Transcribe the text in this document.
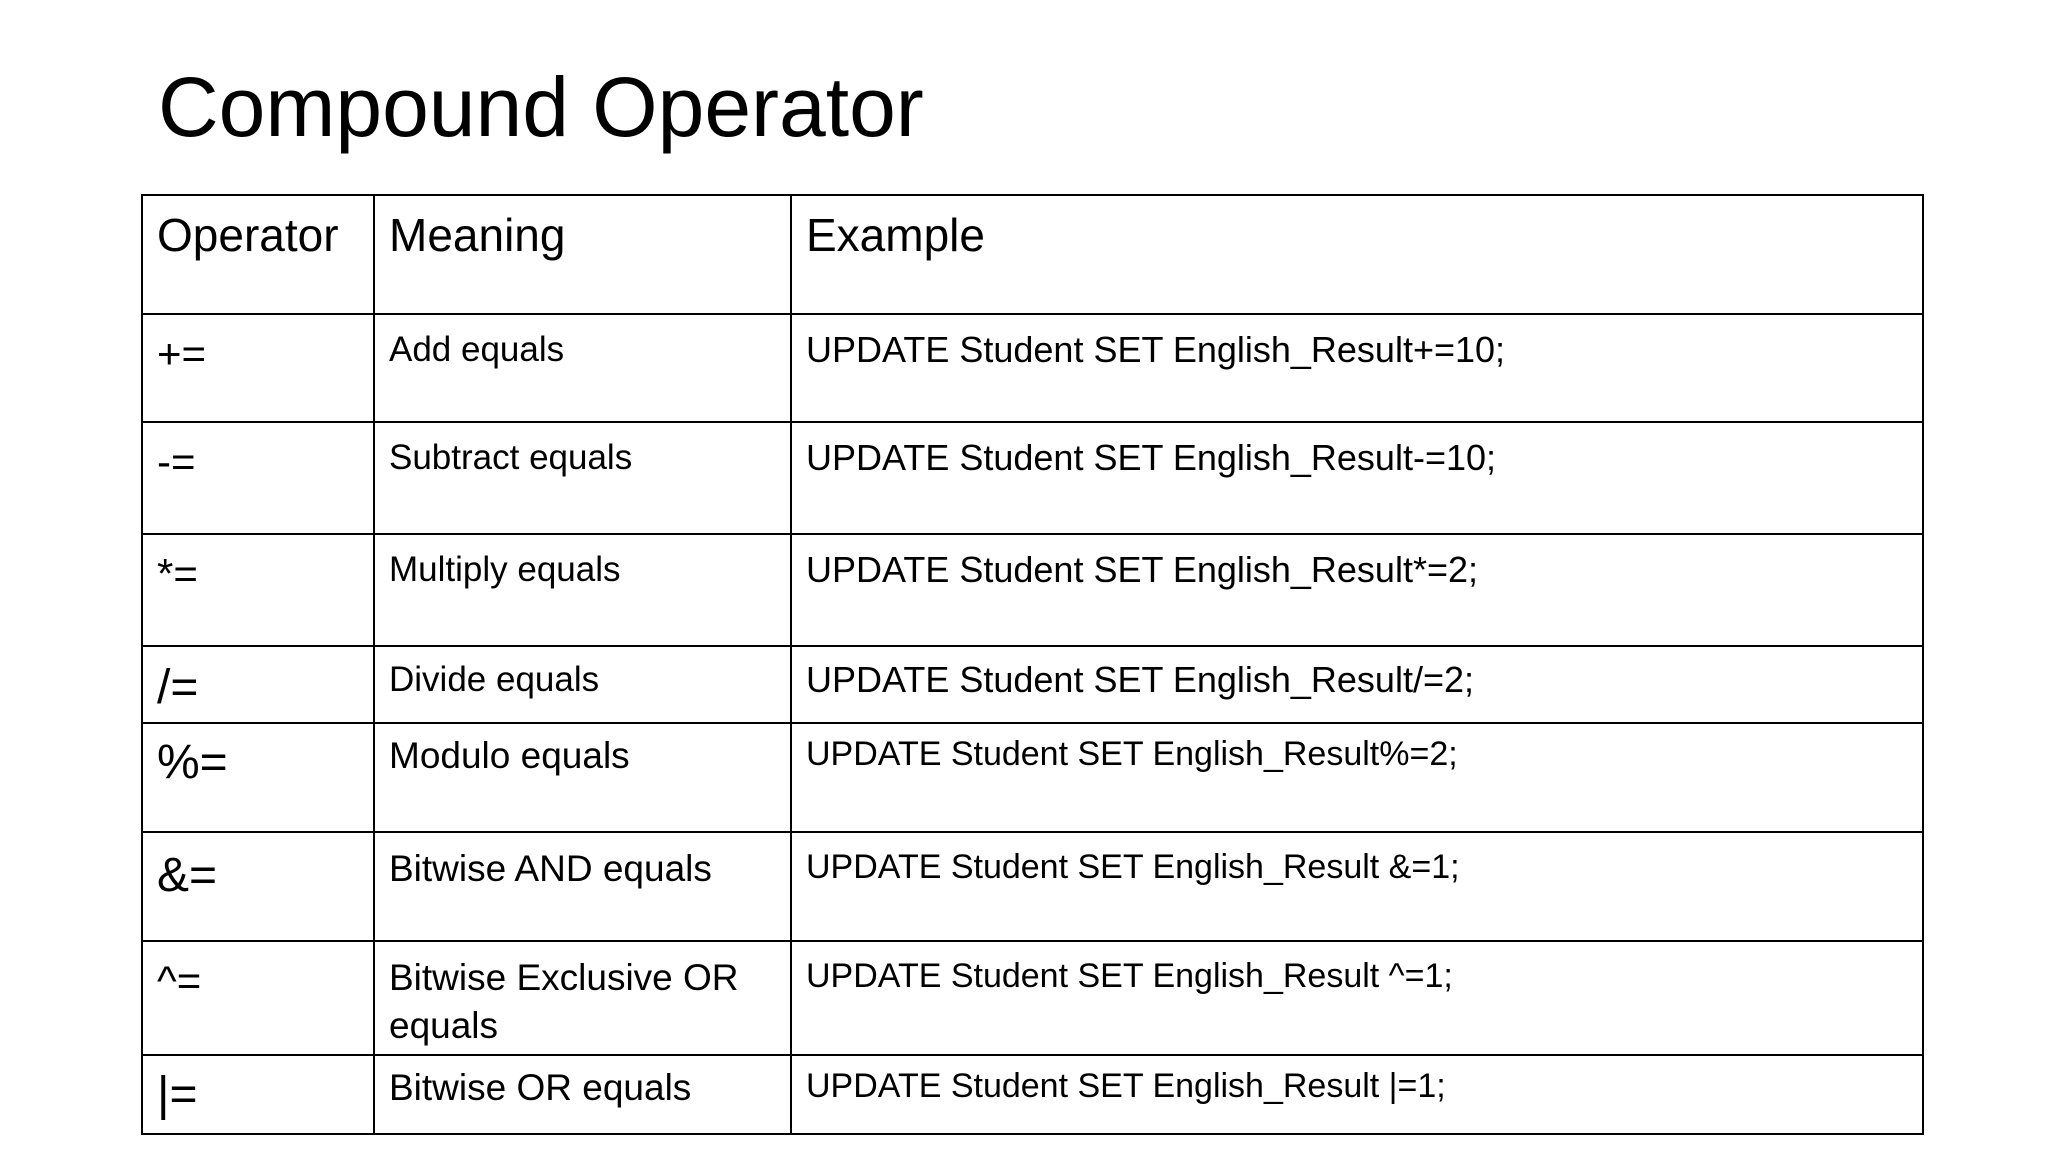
Compound Operator
Operator	Meaning	Example
+=	Add equals	UPDATE Student SET English_Result+=10;
-=	Subtract equals	UPDATE Student SET English_Result-=10;
*=	Multiply equals	UPDATE Student SET English_Result*=2;
/=	Divide equals	UPDATE Student SET English_Result/=2;
%=	Modulo equals	UPDATE Student SET English_Result%=2;
&=	Bitwise AND equals	UPDATE Student SET English_Result &=1;
^=	Bitwise Exclusive OR equals	UPDATE Student SET English_Result ^=1;
|=	Bitwise OR equals	UPDATE Student SET English_Result |=1;
